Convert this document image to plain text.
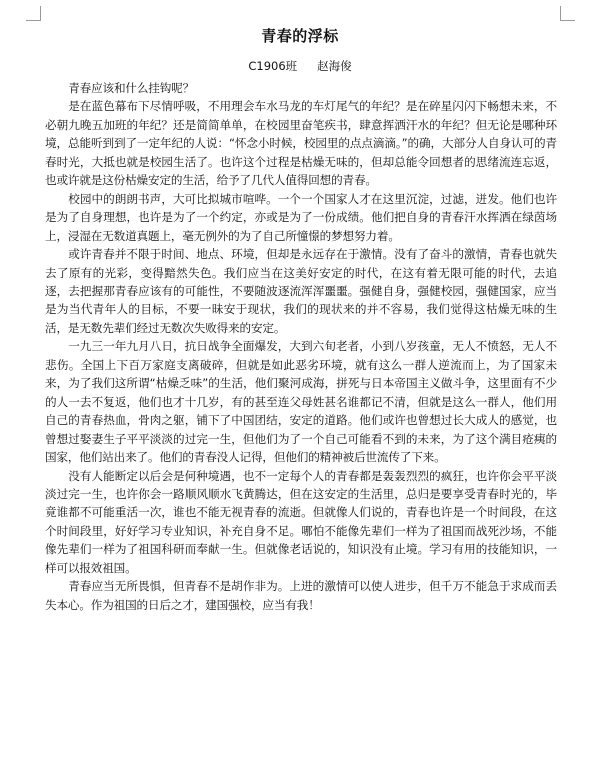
青春的浮标
C1906班 赵海俊

青春应该和什么挂钩呢？

是在蓝色幕布下尽情呼吸，不用理会车水马龙的车灯尾气的年纪？是在碎星闪闪下畅想未来，不必朝九晚五加班的年纪？还是简简单单，在校园里奋笔疾书，肆意挥洒汗水的年纪？但无论是哪种环境，总能听到到了一定年纪的人说：“怀念小时候，校园里的点点滴滴。”的确，大部分人自身认可的青春时光，大抵也就是校园生活了。也许这个过程是枯燥无味的，但却总能令回想者的思绪流连忘返，也或许就是这份枯燥安定的生活，给予了几代人值得回想的青春。

校园中的朗朗书声，大可比拟城市喧哗。一个一个国家人才在这里沉淀，过滤，迸发。他们也许是为了自身理想，也许是为了一个约定，亦或是为了一份成绩。他们把自身的青春汗水挥洒在绿茵场上，浸湿在无数道真题上，毫无例外的为了自己所憧憬的梦想努力着。

或许青春并不限于时间、地点、环境，但却是永远存在于激情。没有了奋斗的激情，青春也就失去了原有的光彩，变得黯然失色。我们应当在这美好安定的时代，在这有着无限可能的时代，去追逐，去把握那青春应该有的可能性，不要随波逐流浑浑噩噩。强健自身，强健校园，强健国家，应当是为当代青年人的目标，不要一昧安于现状，我们的现状来的并不容易，我们觉得这枯燥无味的生活，是无数先辈们经过无数次失败得来的安定。

一九三一年九月八日，抗日战争全面爆发，大到六旬老者，小到八岁孩童，无人不愤怒，无人不悲伤。全国上下百万家庭支离破碎，但就是如此恶劣环境，就有这么一群人逆流而上，为了国家未来，为了我们这所谓“枯燥乏味”的生活，他们聚河成海，拼死与日本帝国主义做斗争，这里面有不少的人一去不复返，他们也才十几岁，有的甚至连父母姓甚名谁都记不清，但就是这么一群人，他们用自己的青春热血，骨肉之躯，铺下了中国团结，安定的道路。他们或许也曾想过长大成人的感觉，也曾想过娶妻生子平平淡淡的过完一生，但他们为了一个自己可能看不到的未来，为了这个满目疮痍的国家，他们站出来了。他们的青春没人记得，但他们的精神被后世流传了下来。

没有人能断定以后会是何种境遇，也不一定每个人的青春都是轰轰烈烈的疯狂，也许你会平平淡淡过完一生，也许你会一路顺风顺水飞黄腾达，但在这安定的生活里，总归是要享受青春时光的，毕竟谁都不可能重活一次，谁也不能无视青春的流逝。但就像人们说的，青春也许是一个时间段，在这个时间段里，好好学习专业知识，补充自身不足。哪怕不能像先辈们一样为了祖国而战死沙场，不能像先辈们一样为了祖国科研而奉献一生。但就像老话说的，知识没有止境。学习有用的技能知识，一样可以报效祖国。

青春应当无所畏惧，但青春不是胡作非为。上进的激情可以使人进步，但千万不能急于求成而丢失本心。作为祖国的日后之才，建国强校，应当有我！
